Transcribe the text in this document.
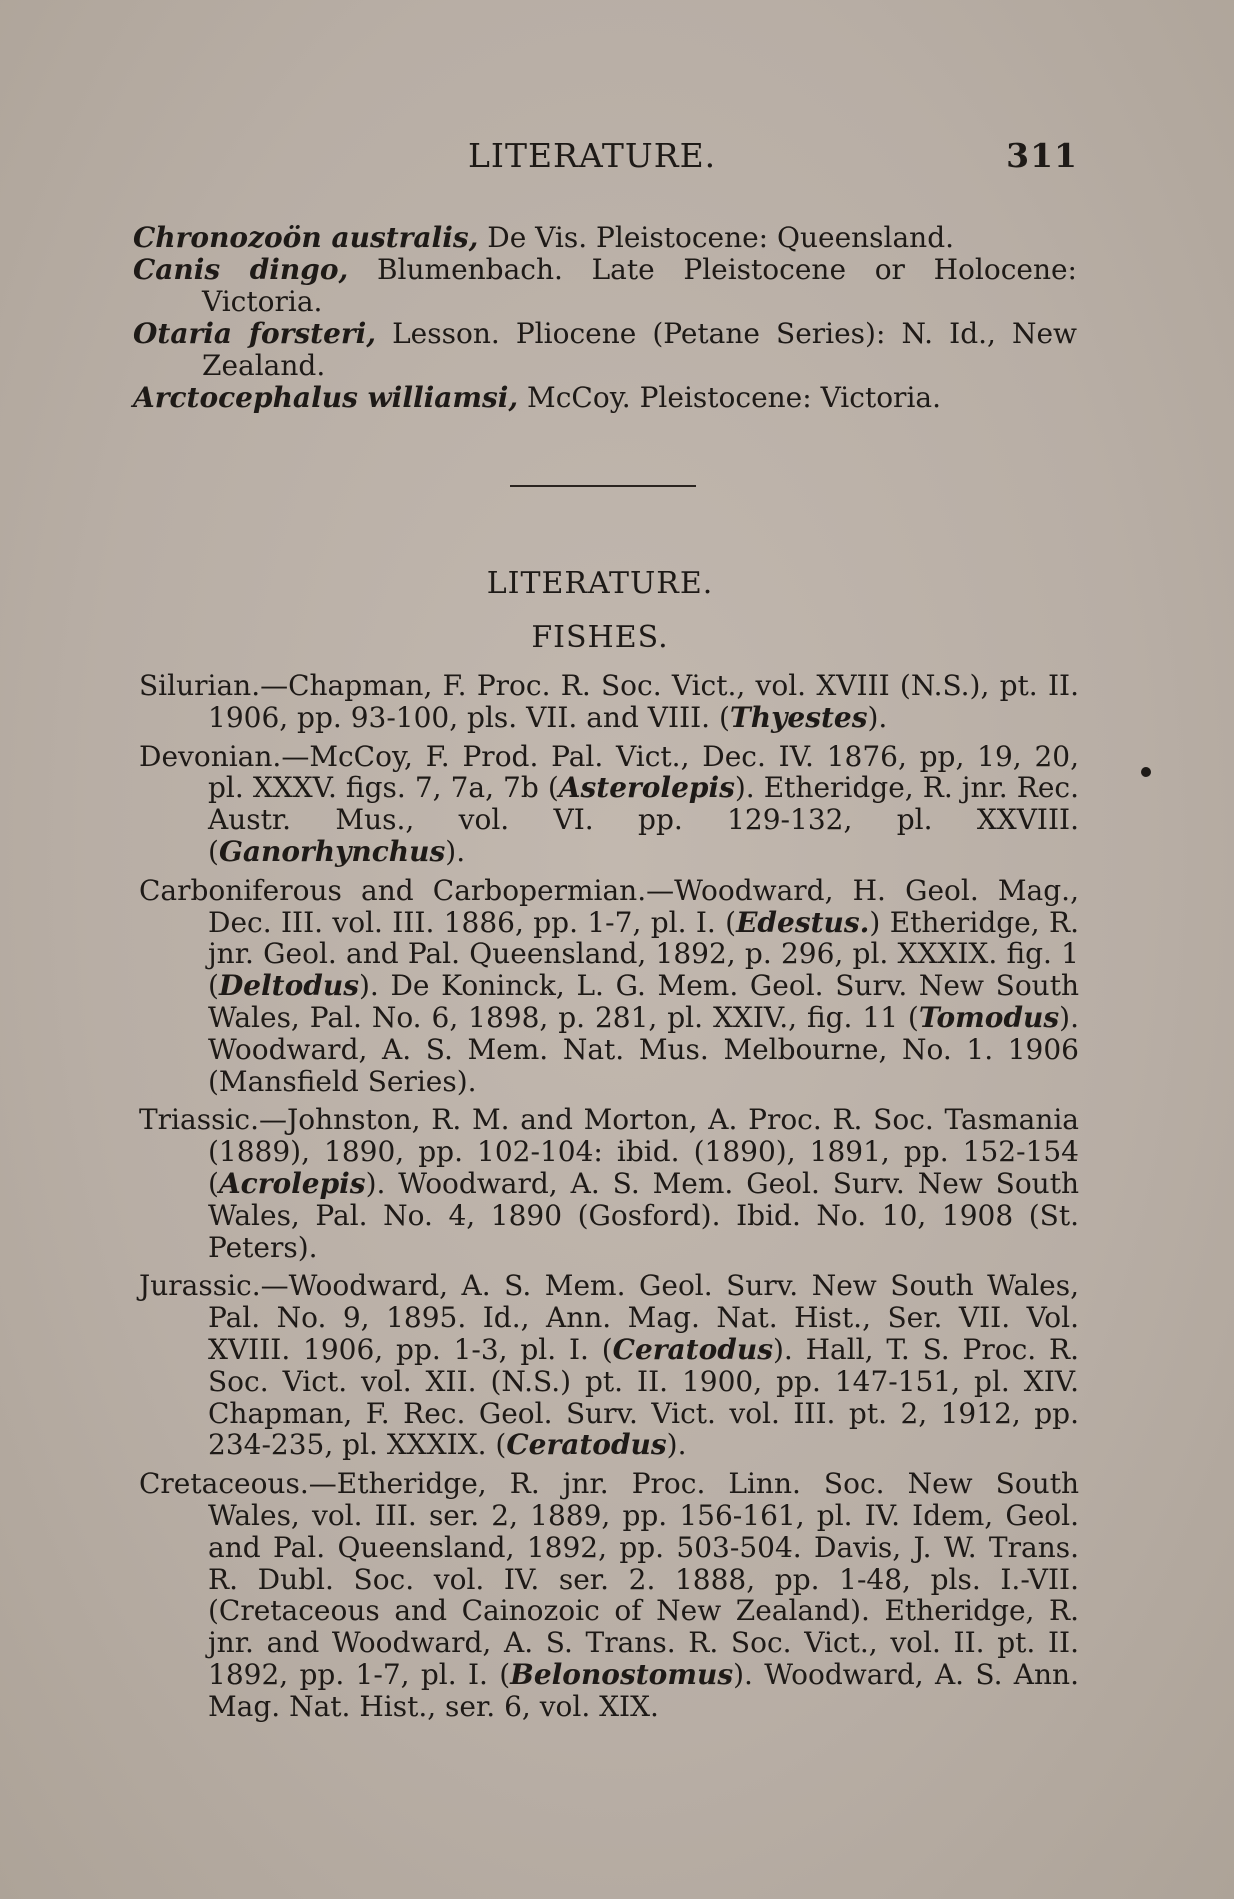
LITERATURE.	311
Chronozoön australis, De Vis. Pleistocene: Queensland.
Canis dingo, Blumenbach. Late Pleistocene or Holocene: Victoria.
Otaria forsteri, Lesson. Pliocene (Petane Series): N. Id., New Zealand.
Arctocephalus williamsi, McCoy. Pleistocene: Victoria.
LITERATURE.
FISHES.
Silurian.—Chapman, F. Proc. R. Soc. Vict., vol. XVIII (N.S.), pt. II. 1906, pp. 93-100, pls. VII. and VIII. (Thyestes).
Devonian.—McCoy, F. Prod. Pal. Vict., Dec. IV. 1876, pp, 19, 20, pl. XXXV. figs. 7, 7a, 7b (Asterolepis). Etheridge, R. jnr. Rec. Austr. Mus., vol. VI. pp. 129-132, pl. XXVIII. (Ganorhynchus).
Carboniferous and Carbopermian.—Woodward, H. Geol. Mag., Dec. III. vol. III. 1886, pp. 1-7, pl. I. (Edestus.) Etheridge, R. jnr. Geol. and Pal. Queensland, 1892, p. 296, pl. XXXIX. fig. 1 (Deltodus). De Koninck, L. G. Mem. Geol. Surv. New South Wales, Pal. No. 6, 1898, p. 281, pl. XXIV., fig. 11 (Tomodus). Woodward, A. S. Mem. Nat. Mus. Melbourne, No. 1. 1906 (Mansfield Series).
Triassic.—Johnston, R. M. and Morton, A. Proc. R. Soc. Tasmania (1889), 1890, pp. 102-104: ibid. (1890), 1891, pp. 152-154 (Acrolepis). Woodward, A. S. Mem. Geol. Surv. New South Wales, Pal. No. 4, 1890 (Gosford). Ibid. No. 10, 1908 (St. Peters).
Jurassic.—Woodward, A. S. Mem. Geol. Surv. New South Wales, Pal. No. 9, 1895. Id., Ann. Mag. Nat. Hist., Ser. VII. Vol. XVIII. 1906, pp. 1-3, pl. I. (Ceratodus). Hall, T. S. Proc. R. Soc. Vict. vol. XII. (N.S.) pt. II. 1900, pp. 147-151, pl. XIV. Chapman, F. Rec. Geol. Surv. Vict. vol. III. pt. 2, 1912, pp. 234-235, pl. XXXIX. (Ceratodus).
Cretaceous.—Etheridge, R. jnr. Proc. Linn. Soc. New South Wales, vol. III. ser. 2, 1889, pp. 156-161, pl. IV. Idem, Geol. and Pal. Queensland, 1892, pp. 503-504. Davis, J. W. Trans. R. Dubl. Soc. vol. IV. ser. 2. 1888, pp. 1-48, pls. I.-VII. (Cretaceous and Cainozoic of New Zealand). Etheridge, R. jnr. and Woodward, A. S. Trans. R. Soc. Vict., vol. II. pt. II. 1892, pp. 1-7, pl. I. (Belonostomus). Woodward, A. S. Ann. Mag. Nat. Hist., ser. 6, vol. XIX.
